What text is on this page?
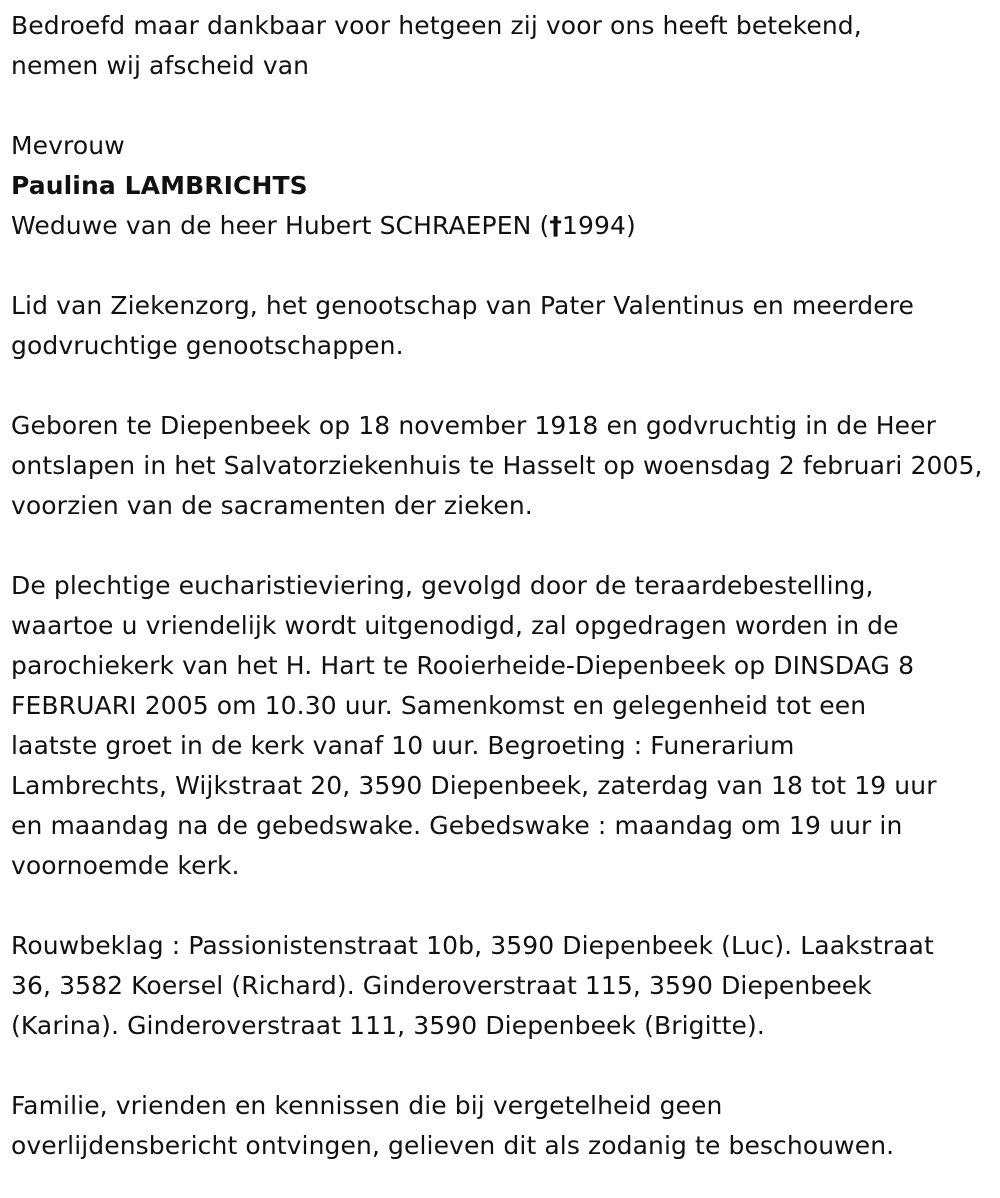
Bedroefd maar dankbaar voor hetgeen zij voor ons heeft betekend, nemen wij afscheid van

Mevrouw

Paulina LAMBRICHTS

Weduwe van de heer Hubert SCHRAEPEN (†1994)

Lid van Ziekenzorg, het genootschap van Pater Valentinus en meerdere godvruchtige genootschappen.

Geboren te Diepenbeek op 18 november 1918 en godvruchtig in de Heer ontslapen in het Salvatorziekenhuis te Hasselt op woensdag 2 februari 2005, voorzien van de sacramenten der zieken.

De plechtige eucharistieviering, gevolgd door de teraardebestelling,

waartoe u vriendelijk wordt uitgenodigd, zal opgedragen worden in de

parochiekerk van het H. Hart te Rooierheide-Diepenbeek op DINSDAG 8

FEBRUARI 2005 om 10.30 uur. Samenkomst en gelegenheid tot een

laatste groet in de kerk vanaf 10 uur. Begroeting : Funerarium

Lambrechts, Wijkstraat 20, 3590 Diepenbeek, zaterdag van 18 tot 19 uur

en maandag na de gebedswake. Gebedswake : maandag om 19 uur in

voornoemde kerk.

Rouwbeklag : Passionistenstraat 10b, 3590 Diepenbeek (Luc). Laakstraat

36, 3582 Koersel (Richard). Ginderoverstraat 115, 3590 Diepenbeek

(Karina). Ginderoverstraat 111, 3590 Diepenbeek (Brigitte).

Familie, vrienden en kennissen die bij vergetelheid geen

overlijdensbericht ontvingen, gelieven dit als zodanig te beschouwen.
